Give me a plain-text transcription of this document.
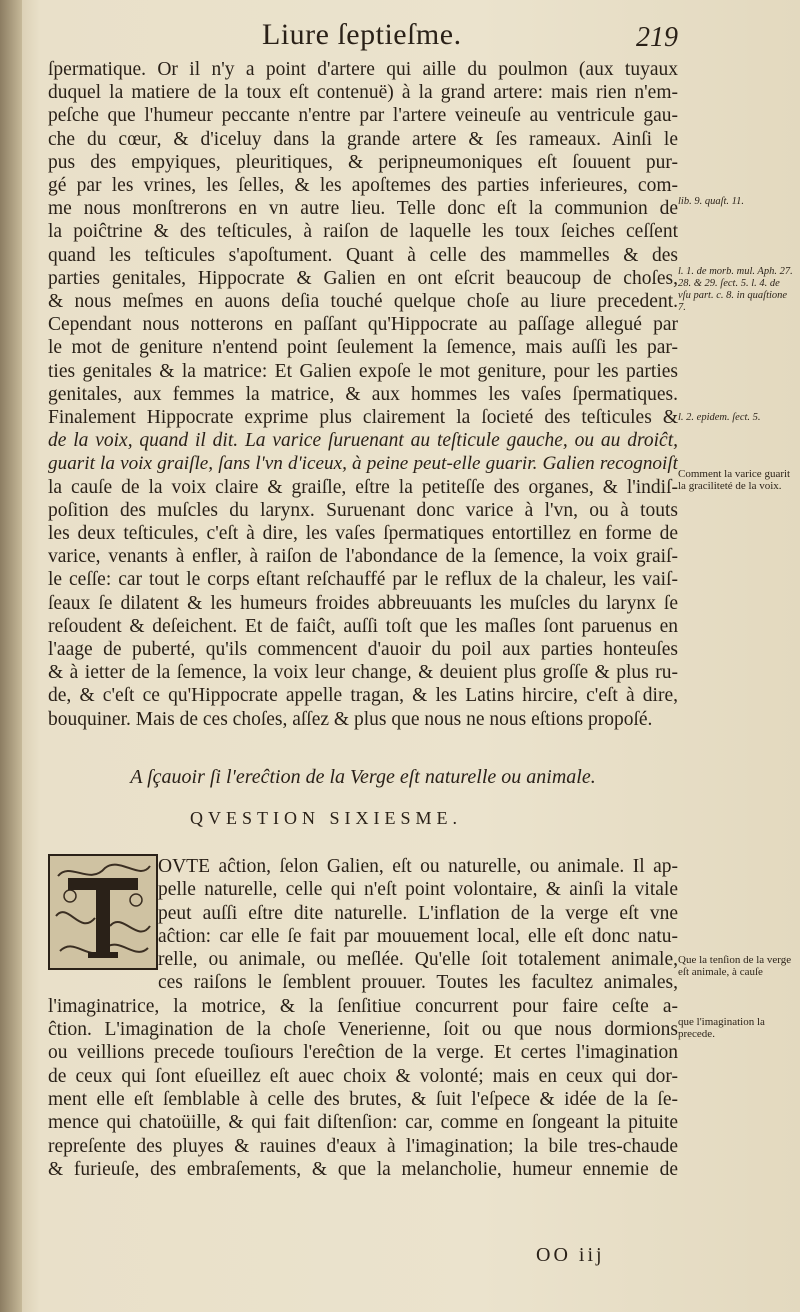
Liure ſeptieſme.	219
ſpermatique. Or il n'y a point d'artere qui aille du poulmon (aux tuyaux
duquel la matiere de la toux eſt contenuë) à la grand artere: mais rien n'em-
peſche que l'humeur peccante n'entre par l'artere veineuſe au ventricule gau-
che du cœur, & d'iceluy dans la grande artere & ſes rameaux. Ainſi le
pus des empyiques, pleuritiques, & peripneumoniques eſt ſouuent pur-
gé par les vrines, les ſelles, & les apoſtemes des parties inferieures, com-
me nous monſtrerons en vn autre lieu. Telle donc eſt la communion de
la poiĉtrine & des teſticules, à raiſon de laquelle les toux ſeiches ceſſent
quand les teſticules s'apoſtument. Quant à celle des mammelles & des
parties genitales, Hippocrate & Galien en ont eſcrit beaucoup de choſes,
& nous meſmes en auons deſia touché quelque choſe au liure precedent.
Cependant nous notterons en paſſant qu'Hippocrate au paſſage allegué par
le mot de geniture n'entend point ſeulement la ſemence, mais auſſi les par-
ties genitales & la matrice: Et Galien expoſe le mot geniture, pour les parties
genitales, aux femmes la matrice, & aux hommes les vaſes ſpermatiques.
Finalement Hippocrate exprime plus clairement la ſocieté des teſticules &
de la voix, quand il dit. La varice ſuruenant au teſticule gauche, ou au droiĉt,
guarit la voix graiſle, ſans l'vn d'iceux, à peine peut-elle guarir. Galien recognoiſt
la cauſe de la voix claire & graiſle, eſtre la petiteſſe des organes, & l'indiſ-
poſition des muſcles du larynx. Suruenant donc varice à l'vn, ou à touts
les deux teſticules, c'eſt à dire, les vaſes ſpermatiques entortillez en forme de
varice, venants à enfler, à raiſon de l'abondance de la ſemence, la voix graiſ-
le ceſſe: car tout le corps eſtant reſchauffé par le reflux de la chaleur, les vaiſ-
ſeaux ſe dilatent & les humeurs froides abbreuuants les muſcles du larynx ſe
reſoudent & deſeichent. Et de faiĉt, auſſi toſt que les maſles ſont paruenus en
l'aage de puberté, qu'ils commencent d'auoir du poil aux parties honteuſes
& à ietter de la ſemence, la voix leur change, & deuient plus groſſe & plus ru-
de, & c'eſt ce qu'Hippocrate appelle tragan, & les Latins hircire, c'eſt à dire,
bouquiner. Mais de ces choſes, aſſez & plus que nous ne nous eſtions propoſé.
lib. 9. quaſt. 11.
l. 1. de morb. mul. Aph. 27. 28. & 29. ſect. 5. l. 4. de vſu part. c. 8. in quaſtione 7.
l. 2. epidem. ſect. 5.
Comment la varice guarit la graciliteté de la voix.
Que la tenſion de la verge eſt animale, à cauſe
que l'imagination la precede.
A ſçauoir ſi l'ereĉtion de la Verge eſt naturelle ou animale.
QVESTION SIXIESME.
OVTE aĉtion, ſelon Galien, eſt ou naturelle, ou animale. Il ap-
pelle naturelle, celle qui n'eſt point volontaire, & ainſi la vitale
peut auſſi eſtre dite naturelle. L'inflation de la verge eſt vne
aĉtion: car elle ſe fait par mouuement local, elle eſt donc natu-
relle, ou animale, ou meſlée. Qu'elle ſoit totalement animale,
ces raiſons le ſemblent prouuer. Toutes les facultez animales,
l'imaginatrice, la motrice, & la ſenſitiue concurrent pour faire ceſte a-
ĉtion. L'imagination de la choſe Venerienne, ſoit ou que nous dormions
ou veillions precede touſiours l'ereĉtion de la verge. Et certes l'imagination
de ceux qui ſont eſueillez eſt auec choix & volonté; mais en ceux qui dor-
ment elle eſt ſemblable à celle des brutes, & ſuit l'eſpece & idée de la ſe-
mence qui chatoüille, & qui fait diſtenſion: car, comme en ſongeant la pituite
repreſente des pluyes & rauines d'eaux à l'imagination; la bile tres-chaude
& furieuſe, des embraſements, & que la melancholie, humeur ennemie de
OO iij
